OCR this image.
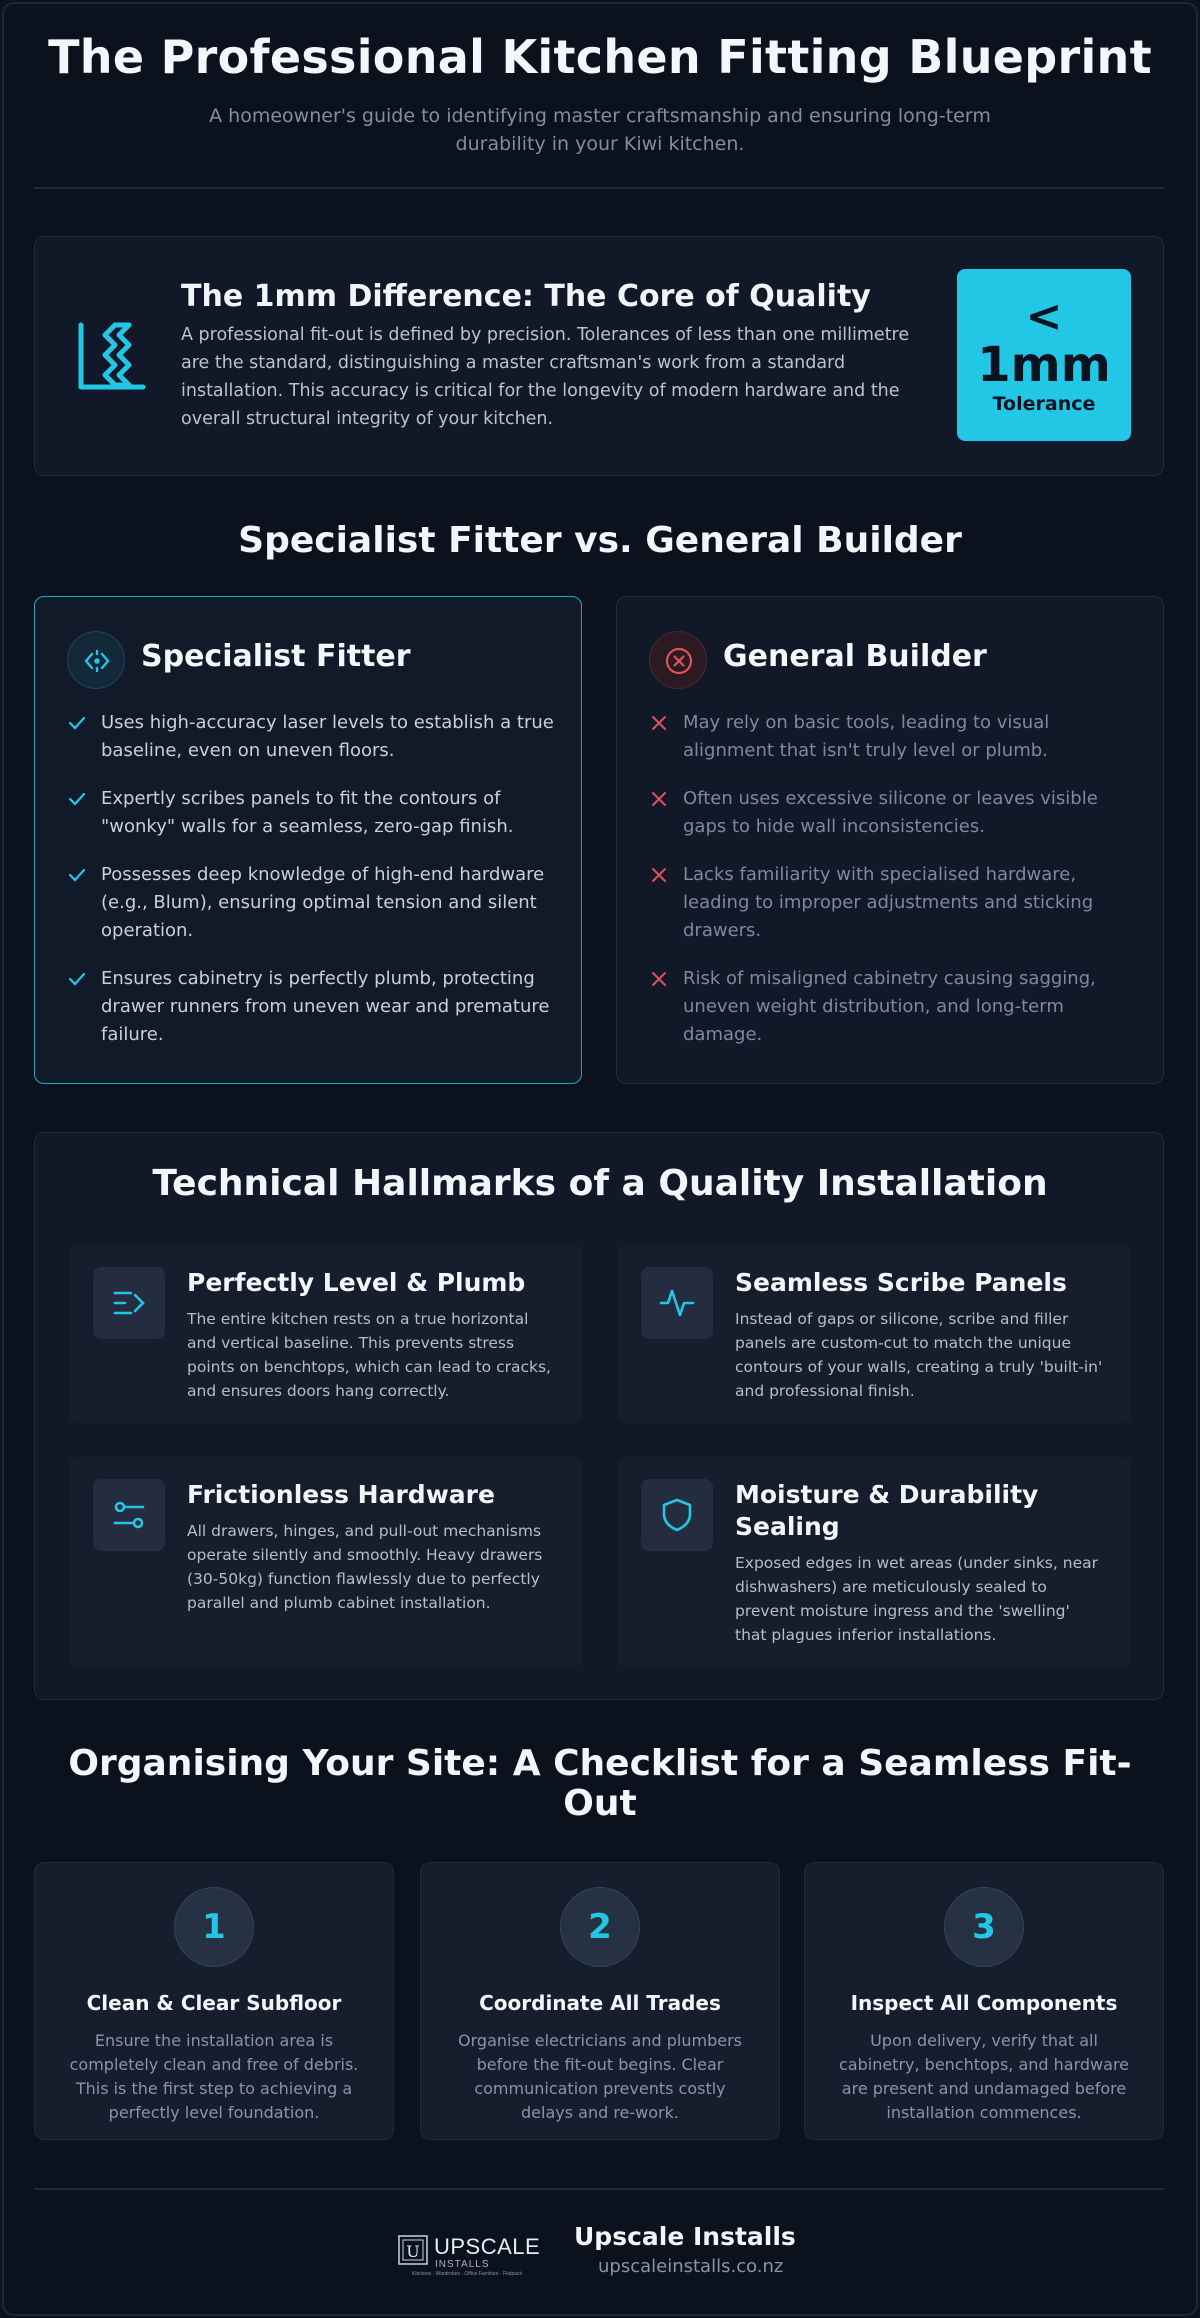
The Professional Kitchen Fitting Blueprint

A homeowner's guide to identifying master craftsmanship and ensuring long-term durability in your Kiwi kitchen.

The 1mm Difference: The Core of Quality

A professional fit-out is defined by precision. Tolerances of less than one millimetre are the standard, distinguishing a master craftsman's work from a standard installation. This accuracy is critical for the longevity of modern hardware and the overall structural integrity of your kitchen.

<
1mm
Tolerance
Specialist Fitter vs. General Builder
Specialist Fitter
Uses high-accuracy laser levels to establish a true baseline, even on uneven floors.
Expertly scribes panels to fit the contours of "wonky" walls for a seamless, zero-gap finish.
Possesses deep knowledge of high-end hardware (e.g., Blum), ensuring optimal tension and silent operation.
Ensures cabinetry is perfectly plumb, protecting drawer runners from uneven wear and premature failure.
General Builder
May rely on basic tools, leading to visual alignment that isn't truly level or plumb.
Often uses excessive silicone or leaves visible gaps to hide wall inconsistencies.
Lacks familiarity with specialised hardware, leading to improper adjustments and sticking drawers.
Risk of misaligned cabinetry causing sagging, uneven weight distribution, and long-term damage.
Technical Hallmarks of a Quality Installation
Perfectly Level & Plumb

The entire kitchen rests on a true horizontal and vertical baseline. This prevents stress points on benchtops, which can lead to cracks, and ensures doors hang correctly.

Seamless Scribe Panels

Instead of gaps or silicone, scribe and filler panels are custom-cut to match the unique contours of your walls, creating a truly 'built-in' and professional finish.

Frictionless Hardware

All drawers, hinges, and pull-out mechanisms operate silently and smoothly. Heavy drawers (30-50kg) function flawlessly due to perfectly parallel and plumb cabinet installation.

Moisture & Durability Sealing

Exposed edges in wet areas (under sinks, near dishwashers) are meticulously sealed to prevent moisture ingress and the 'swelling' that plagues inferior installations.

Organising Your Site: A Checklist for a Seamless Fit-Out
1
Clean & Clear Subfloor

Ensure the installation area is completely clean and free of debris. This is the first step to achieving a perfectly level foundation.

2
Coordinate All Trades

Organise electricians and plumbers before the fit-out begins. Clear communication prevents costly delays and re-work.

3
Inspect All Components

Upon delivery, verify that all cabinetry, benchtops, and hardware are present and undamaged before installation commences.

U UPSCALE
INSTALLS
Kitchens · Wardrobes · Office Furniture · Flatpack
Upscale Installs
upscaleinstalls.co.nz
